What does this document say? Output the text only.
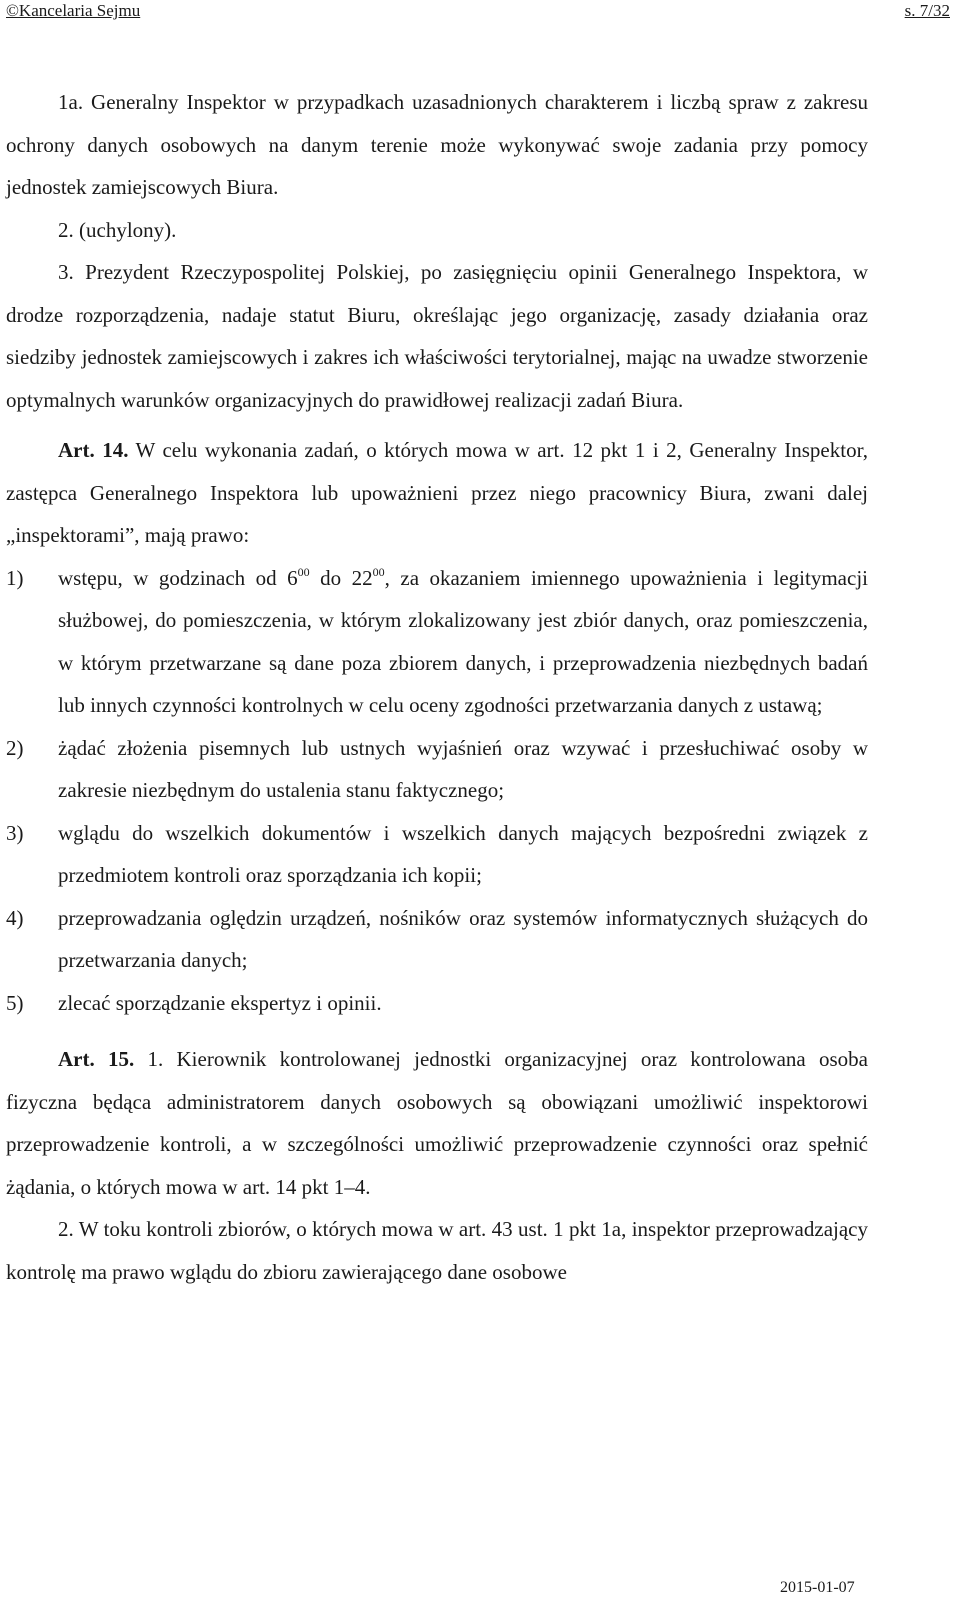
©Kancelaria Sejmu	s. 7/32

1a. Generalny Inspektor w przypadkach uzasadnionych charakterem i liczbą spraw z zakresu ochrony danych osobowych na danym terenie może wykonywać swoje zadania przy pomocy jednostek zamiejscowych Biura.

2. (uchylony).

3. Prezydent Rzeczypospolitej Polskiej, po zasięgnięciu opinii Generalnego Inspektora, w drodze rozporządzenia, nadaje statut Biuru, określając jego organizację, zasady działania oraz siedziby jednostek zamiejscowych i zakres ich właściwości terytorialnej, mając na uwadze stworzenie optymalnych warunków organizacyjnych do prawidłowej realizacji zadań Biura.

Art. 14. W celu wykonania zadań, o których mowa w art. 12 pkt 1 i 2, Generalny Inspektor, zastępca Generalnego Inspektora lub upoważnieni przez niego pracownicy Biura, zwani dalej „inspektorami”, mają prawo:

1)	wstępu, w godzinach od $6^{00}$ do $22^{00}$, za okazaniem imiennego upoważnienia i legitymacji służbowej, do pomieszczenia, w którym zlokalizowany jest zbiór danych, oraz pomieszczenia, w którym przetwarzane są dane poza zbiorem danych, i przeprowadzenia niezbędnych badań lub innych czynności kontrolnych w celu oceny zgodności przetwarzania danych z ustawą;
2)	żądać złożenia pisemnych lub ustnych wyjaśnień oraz wzywać i przesłuchiwać osoby w zakresie niezbędnym do ustalenia stanu faktycznego;
3)	wglądu do wszelkich dokumentów i wszelkich danych mających bezpośredni związek z przedmiotem kontroli oraz sporządzania ich kopii;
4)	przeprowadzania oględzin urządzeń, nośników oraz systemów informatycznych służących do przetwarzania danych;
5)	zlecać sporządzanie ekspertyz i opinii.

Art. 15. 1. Kierownik kontrolowanej jednostki organizacyjnej oraz kontrolowana osoba fizyczna będąca administratorem danych osobowych są obowiązani umożliwić inspektorowi przeprowadzenie kontroli, a w szczególności umożliwić przeprowadzenie czynności oraz spełnić żądania, o których mowa w art. 14 pkt 1–4.

2. W toku kontroli zbiorów, o których mowa w art. 43 ust. 1 pkt 1a, inspektor przeprowadzający kontrolę ma prawo wglądu do zbioru zawierającego dane osobowe

2015-01-07
